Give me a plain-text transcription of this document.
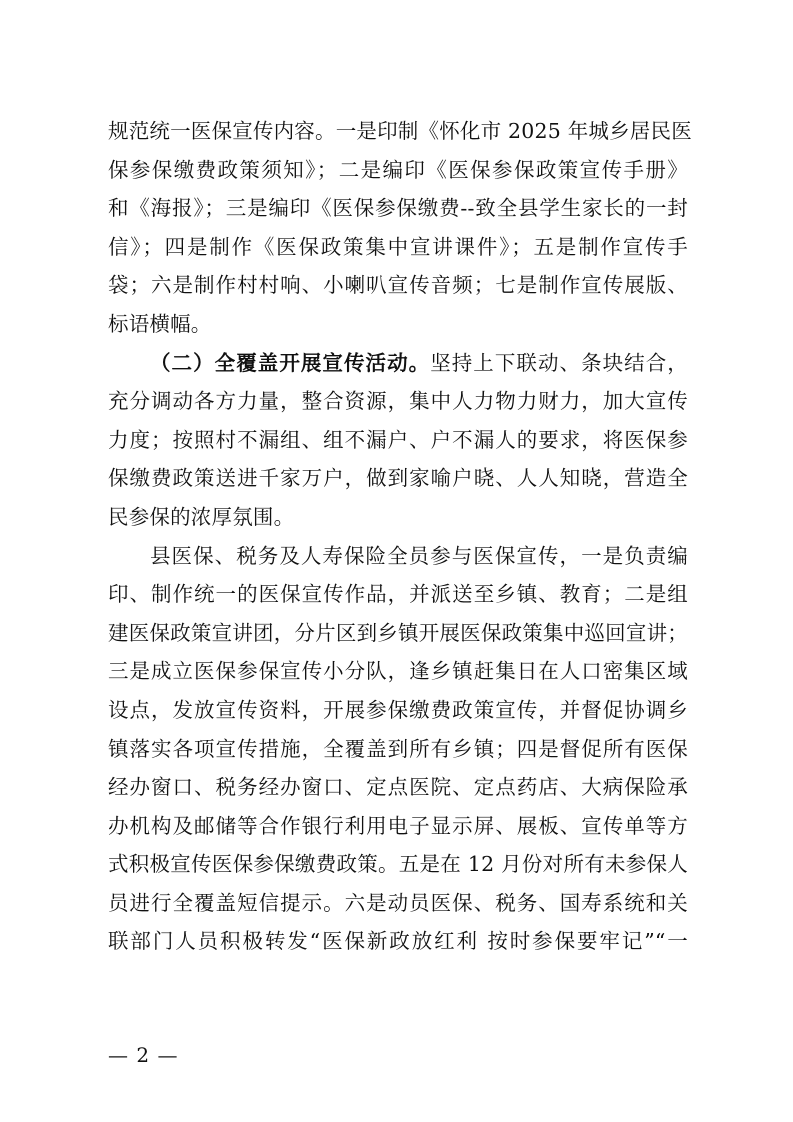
规范统一医保宣传内容。一是印制《怀化市 2025 年城乡居民医
保参保缴费政策须知》；二是编印《医保参保政策宣传手册》
和《海报》；三是编印《医保参保缴费--致全县学生家长的一封
信》；四是制作《医保政策集中宣讲课件》；五是制作宣传手
袋；六是制作村村响、小喇叭宣传音频；七是制作宣传展版、
标语横幅。
（二）全覆盖开展宣传活动。坚持上下联动、条块结合，
充分调动各方力量，整合资源，集中人力物力财力，加大宣传
力度；按照村不漏组、组不漏户、户不漏人的要求，将医保参
保缴费政策送进千家万户，做到家喻户晓、人人知晓，营造全
民参保的浓厚氛围。
县医保、税务及人寿保险全员参与医保宣传，一是负责编
印、制作统一的医保宣传作品，并派送至乡镇、教育；二是组
建医保政策宣讲团，分片区到乡镇开展医保政策集中巡回宣讲；
三是成立医保参保宣传小分队，逢乡镇赶集日在人口密集区域
设点，发放宣传资料，开展参保缴费政策宣传，并督促协调乡
镇落实各项宣传措施，全覆盖到所有乡镇；四是督促所有医保
经办窗口、税务经办窗口、定点医院、定点药店、大病保险承
办机构及邮储等合作银行利用电子显示屏、展板、宣传单等方
式积极宣传医保参保缴费政策。五是在 12 月份对所有未参保人
员进行全覆盖短信提示。六是动员医保、税务、国寿系统和关
联部门人员积极转发“医保新政放红利 按时参保要牢记”“一
— 2 —
